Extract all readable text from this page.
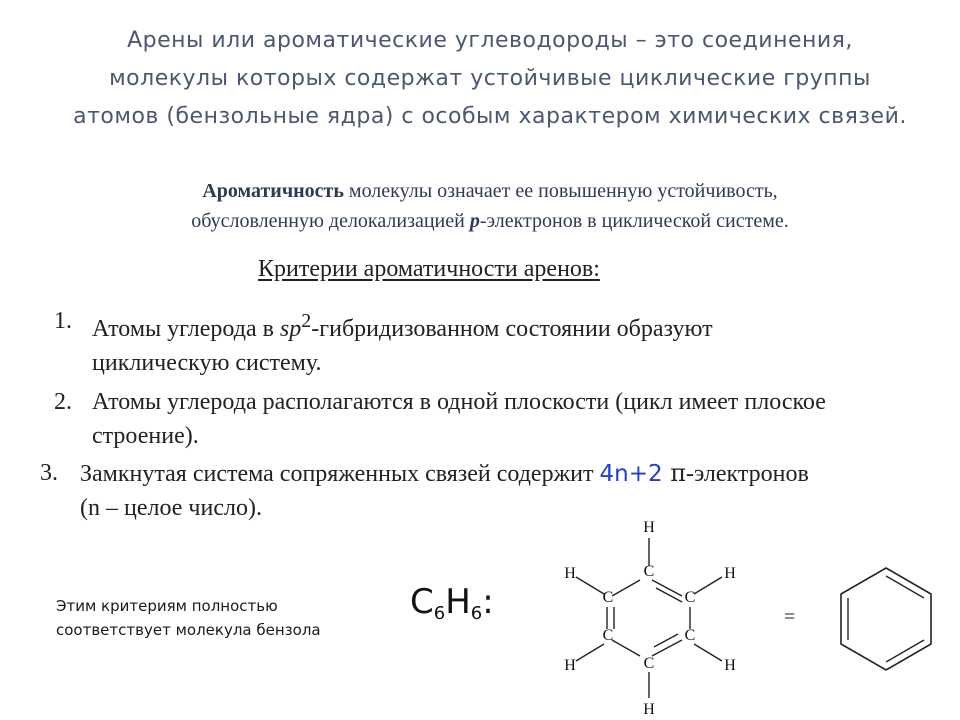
Арены или ароматические углеводороды – это соединения,
молекулы которых содержат устойчивые циклические группы
атомов (бензольные ядра) с особым характером химических связей.
Ароматичность молекулы означает ее повышенную устойчивость,
обусловленную делокализацией p-электронов в циклической системе.
Критерии ароматичности аренов:
1. Атомы углерода в $sp^2$-гибридизованном состоянии образуют
циклическую систему.
2. Атомы углерода располагаются в одной плоскости (цикл имеет плоское
строение).
3. Замкнутая система сопряженных связей содержит 4n+2 π-электронов
(n – целое число).
Этим критериям полностью соответствует молекула бензола
$C_6H_6$:
C
C
C
C
C
C
H
H
H	H
H	H
=
